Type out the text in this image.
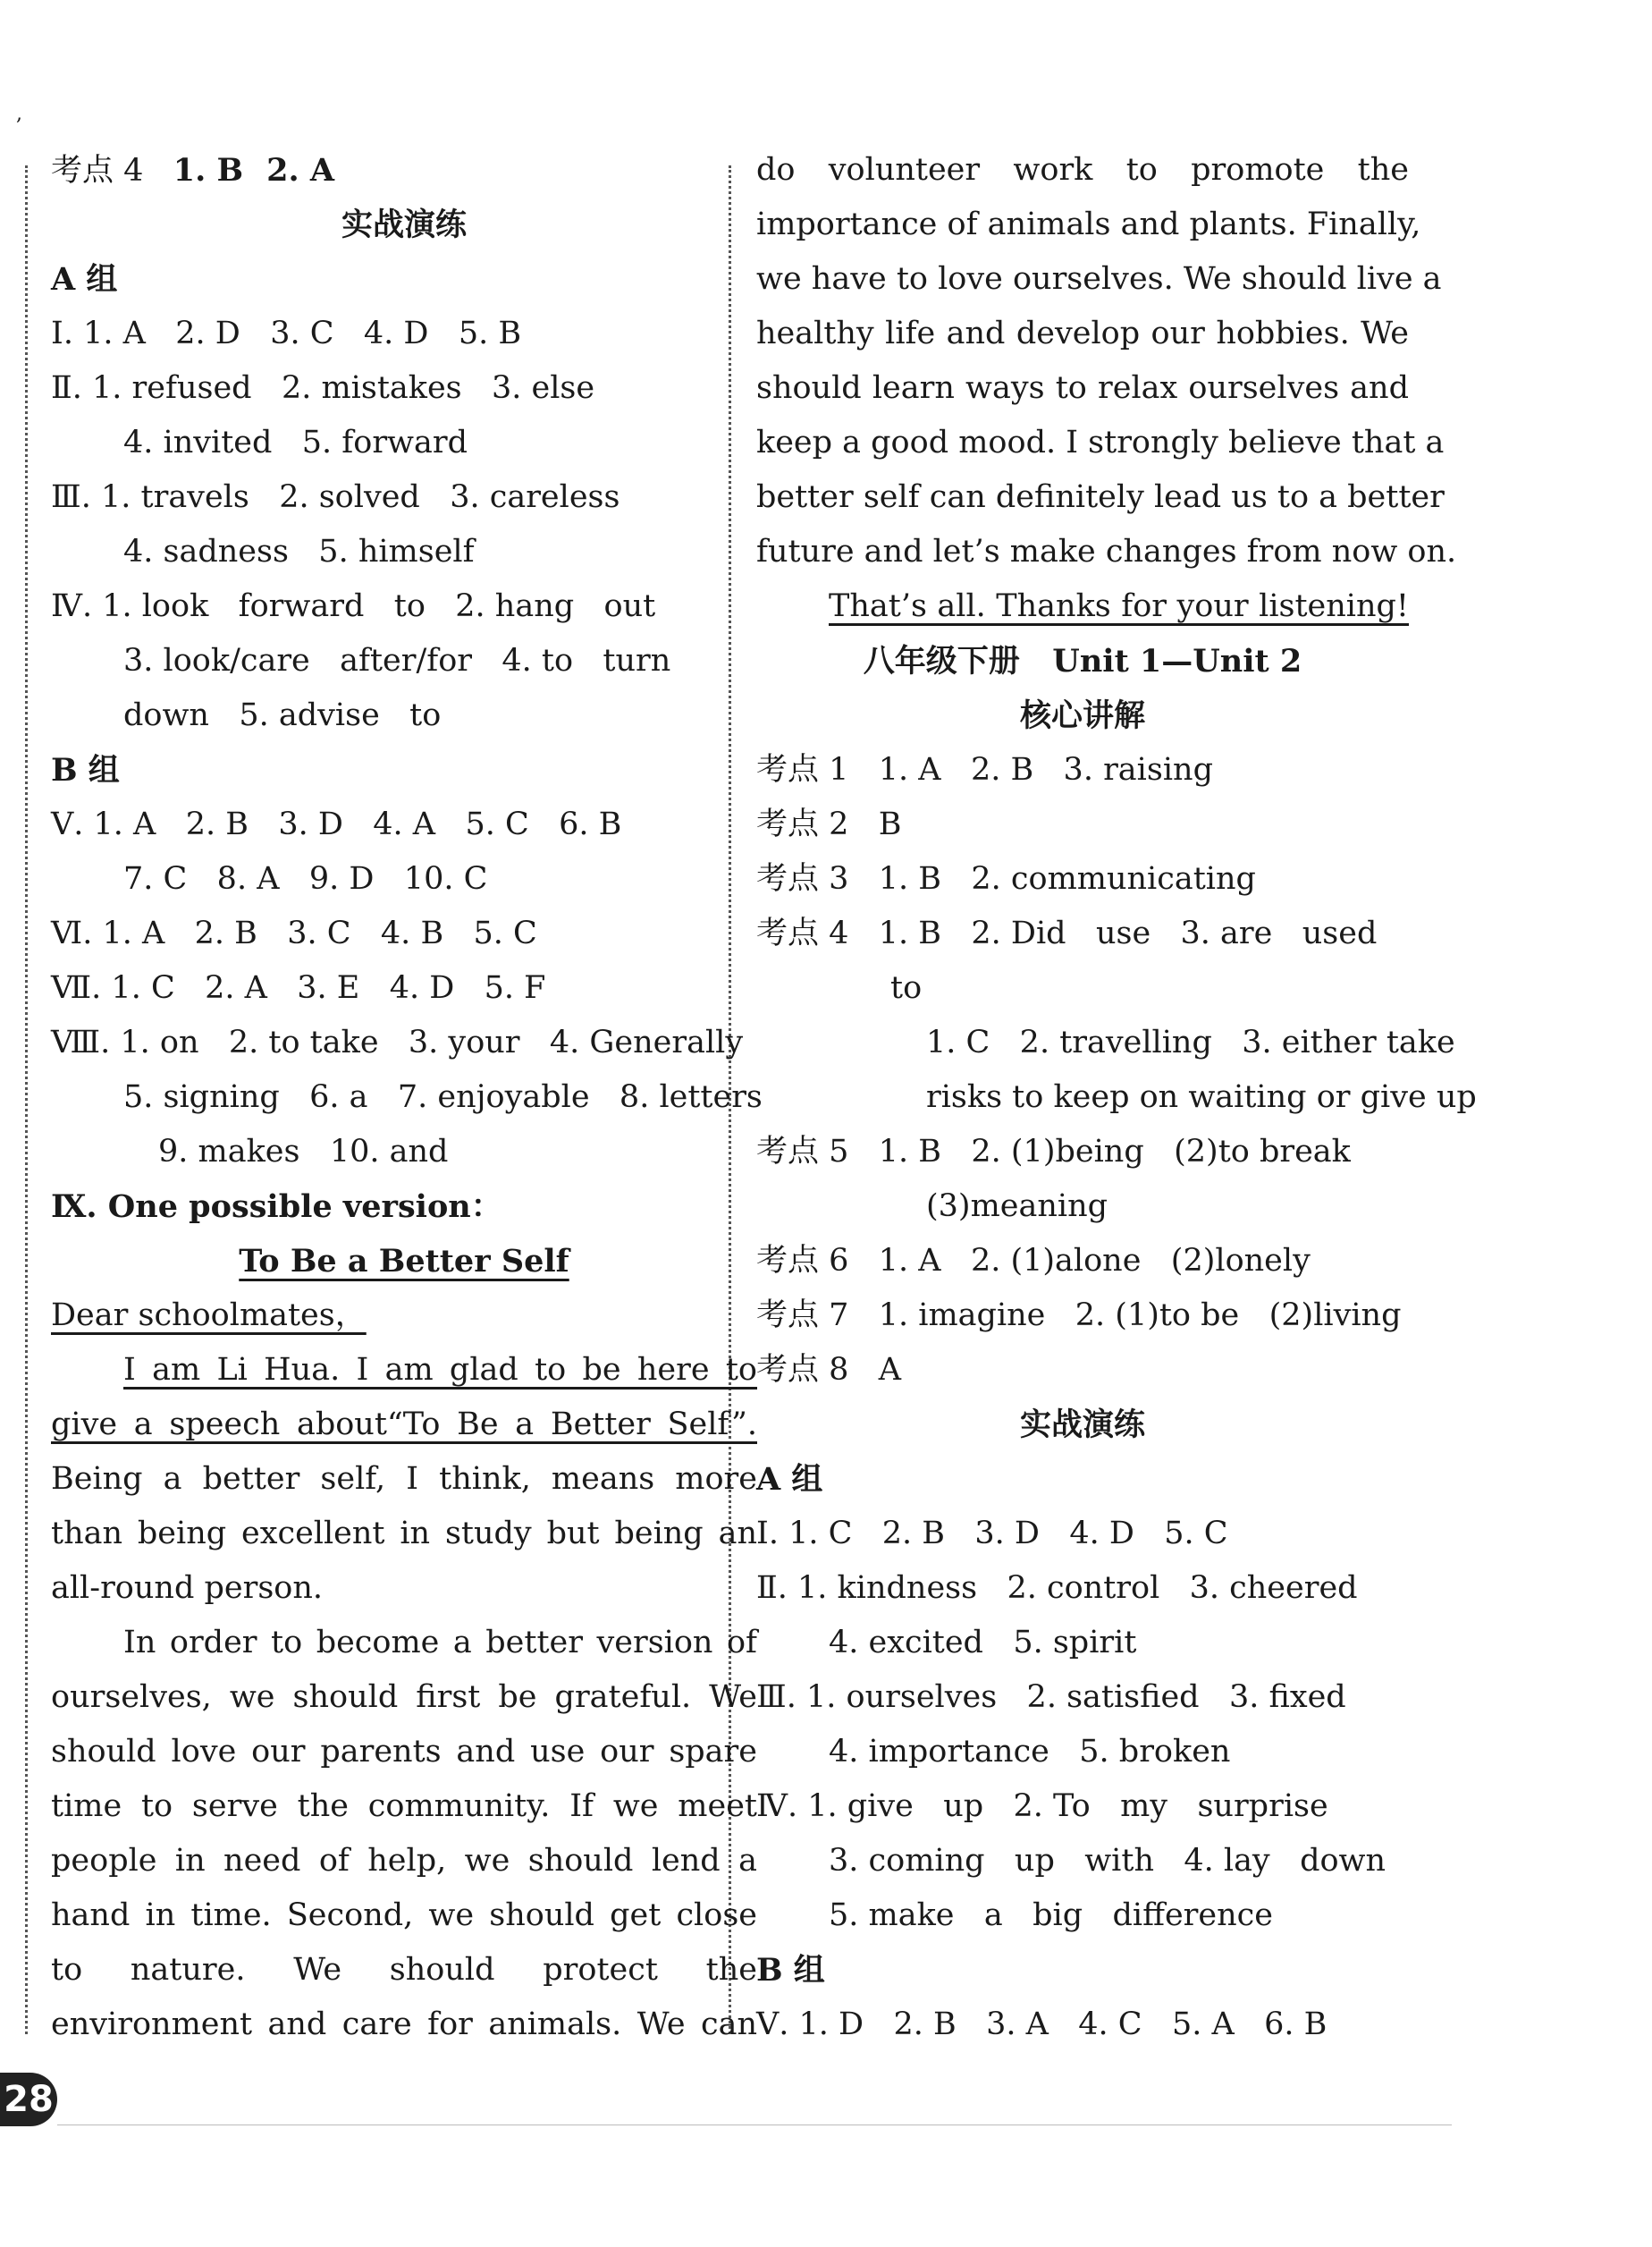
,
考点 4 1. B 2. A
实战演练
A 组
Ⅰ. 1. A   2. D   3. C   4. D   5. B
Ⅱ. 1. refused   2. mistakes   3. else
4. invited   5. forward
Ⅲ. 1. travels   2. solved   3. careless
4. sadness   5. himself
Ⅳ. 1. look   forward   to   2. hang   out
3. look/care   after/for   4. to   turn
down   5. advise   to
B 组
Ⅴ. 1. A   2. B   3. D   4. A   5. C   6. B
7. C   8. A   9. D   10. C
Ⅵ. 1. A   2. B   3. C   4. B   5. C
Ⅶ. 1. C   2. A   3. E   4. D   5. F
Ⅷ. 1. on   2. to take   3. your   4. Generally
5. signing   6. a   7. enjoyable   8. letters
9. makes   10. and
Ⅸ. One possible version：
To Be a Better Self
Dear schoolmates，
I am Li Hua. I am glad to be here to
give a speech about“To Be a Better Self”.
Being a better self, I think, means more
than being excellent in study but being an
all-round person.
In order to become a better version of
ourselves, we should first be grateful. We
should love our parents and use our spare
time to serve the community. If we meet
people in need of help, we should lend a
hand in time. Second, we should get close
to nature. We should protect the
environment and care for animals. We can
do volunteer work to promote the
importance of animals and plants. Finally,
we have to love ourselves. We should live a
healthy life and develop our hobbies. We
should learn ways to relax ourselves and
keep a good mood. I strongly believe that a
better self can definitely lead us to a better
future and let’s make changes from now on.
That’s all. Thanks for your listening!
八年级下册   Unit 1—Unit 2
核心讲解
考点 1   1. A   2. B   3. raising
考点 2   B
考点 3   1. B   2. communicating
考点 4   1. B   2. Did   use   3. are   used
to
1. C   2. travelling   3. either take
risks to keep on waiting or give up
考点 5   1. B   2. (1)being   (2)to break
(3)meaning
考点 6   1. A   2. (1)alone   (2)lonely
考点 7   1. imagine   2. (1)to be   (2)living
考点 8   A
实战演练
A 组
Ⅰ. 1. C   2. B   3. D   4. D   5. C
Ⅱ. 1. kindness   2. control   3. cheered
4. excited   5. spirit
Ⅲ. 1. ourselves   2. satisfied   3. fixed
4. importance   5. broken
Ⅳ. 1. give   up   2. To   my   surprise
3. coming   up   with   4. lay   down
5. make   a   big   difference
B 组
Ⅴ. 1. D   2. B   3. A   4. C   5. A   6. B
28
